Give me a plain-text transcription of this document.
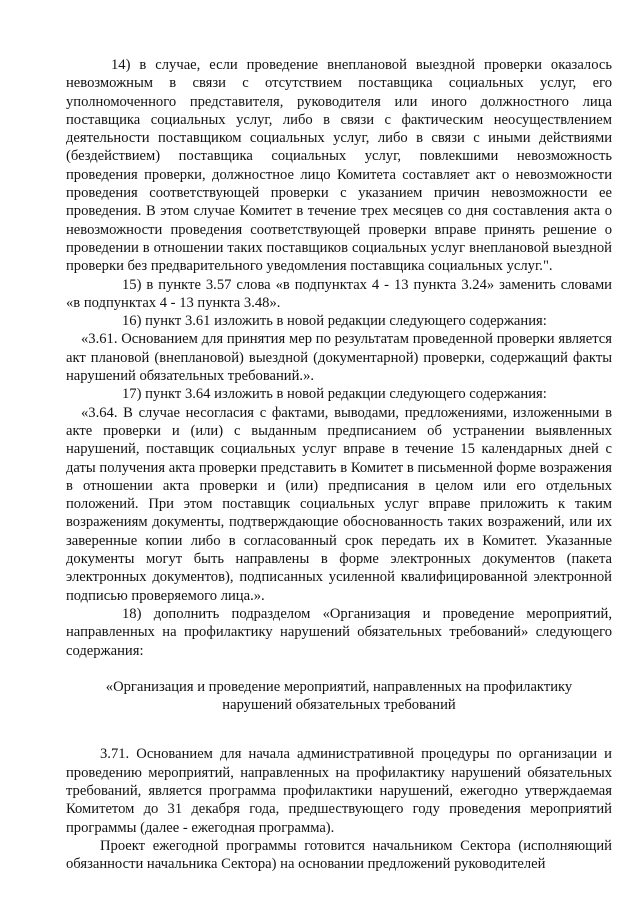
14) в случае, если проведение внеплановой выездной проверки оказалось невозможным в связи с отсутствием поставщика социальных услуг, его уполномоченного представителя, руководителя или иного должностного лица поставщика социальных услуг, либо в связи с фактическим неосуществлением деятельности поставщиком социальных услуг, либо в связи с иными действиями (бездействием) поставщика социальных услуг, повлекшими невозможность проведения проверки, должностное лицо Комитета составляет акт о невозможности проведения соответствующей проверки с указанием причин невозможности ее проведения. В этом случае Комитет в течение трех месяцев со дня составления акта о невозможности проведения соответствующей проверки вправе принять решение о проведении в отношении таких поставщиков социальных услуг внеплановой выездной проверки без предварительного уведомления поставщика социальных услуг.".

15) в пункте 3.57 слова «в подпунктах 4 - 13 пункта 3.24» заменить словами «в подпунктах 4 - 13 пункта 3.48».

16) пункт 3.61 изложить в новой редакции следующего содержания:

«3.61. Основанием для принятия мер по результатам проведенной проверки является акт плановой (внеплановой) выездной (документарной) проверки, содержащий факты нарушений обязательных требований.».

17) пункт 3.64 изложить в новой редакции следующего содержания:

«3.64. В случае несогласия с фактами, выводами, предложениями, изложенными в акте проверки и (или) с выданным предписанием об устранении выявленных нарушений, поставщик социальных услуг вправе в течение 15 календарных дней с даты получения акта проверки представить в Комитет в письменной форме возражения в отношении акта проверки и (или) предписания в целом или его отдельных положений. При этом поставщик социальных услуг вправе приложить к таким возражениям документы, подтверждающие обоснованность таких возражений, или их заверенные копии либо в согласованный срок передать их в Комитет. Указанные документы могут быть направлены в форме электронных документов (пакета электронных документов), подписанных усиленной квалифицированной электронной подписью проверяемого лица.».

18) дополнить подразделом «Организация и проведение мероприятий, направленных на профилактику нарушений обязательных требований» следующего содержания:

«Организация и проведение мероприятий, направленных на профилактику нарушений обязательных требований

3.71. Основанием для начала административной процедуры по организации и проведению мероприятий, направленных на профилактику нарушений обязательных требований, является программа профилактики нарушений, ежегодно утверждаемая Комитетом до 31 декабря года, предшествующего году проведения мероприятий программы (далее - ежегодная программа).

Проект ежегодной программы готовится начальником Сектора (исполняющий обязанности начальника Сектора) на основании предложений руководителей
